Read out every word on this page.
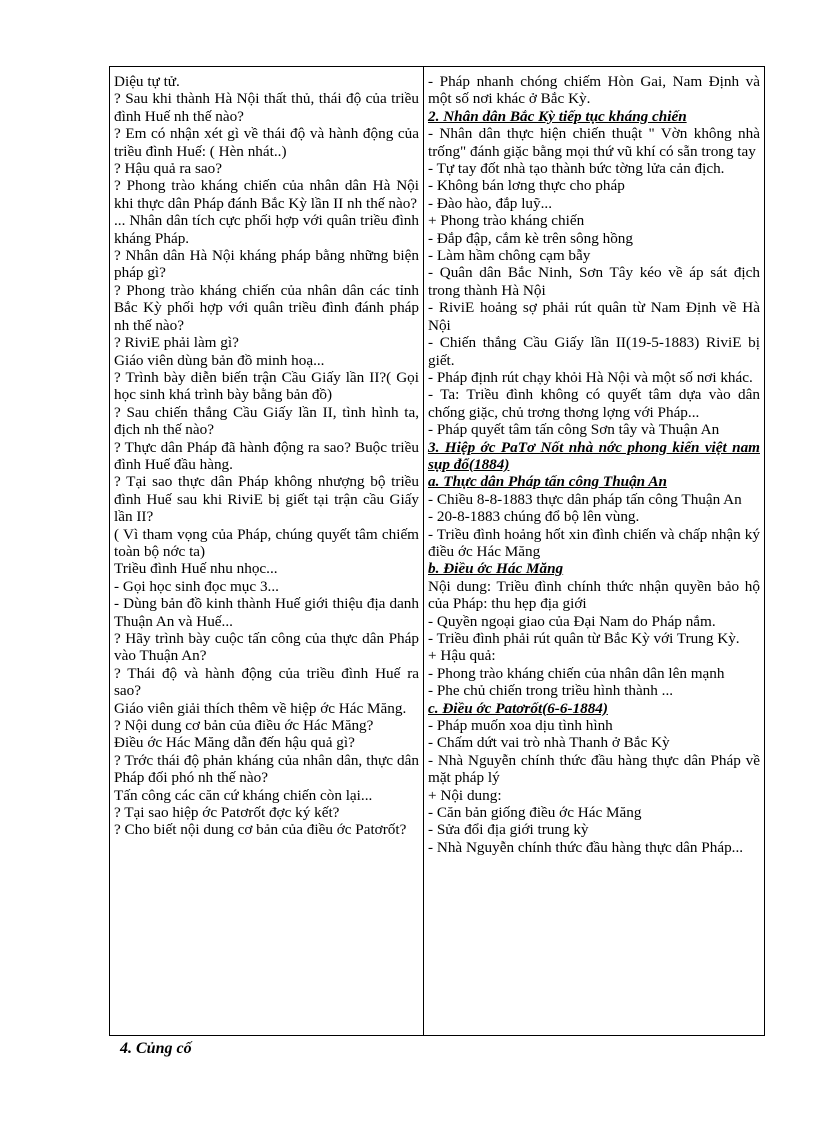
Diệu tự tử.

? Sau khi thành Hà Nội thất thủ, thái độ của triều đình Huế nh thế nào?

? Em có nhận xét gì về thái độ và hành động của triều đình Huế: ( Hèn nhát..)

? Hậu quả ra sao?

? Phong trào kháng chiến của nhân dân Hà Nội khi thực dân Pháp đánh Bắc Kỳ lần II nh thế nào?

... Nhân dân tích cực phối hợp với quân triều đình kháng Pháp.

? Nhân dân Hà Nội kháng pháp bằng những biện pháp gì?

? Phong trào kháng chiến của nhân dân các tỉnh Bắc Kỳ phối hợp với quân triều đình đánh pháp nh thế nào?

? RiviE phải làm gì?

Giáo viên dùng bản đồ minh hoạ...

? Trình bày diễn biến trận Cầu Giấy lần II?( Gọi học sinh khá trình bày bằng bản đồ)

? Sau chiến thắng Cầu Giấy lần II, tình hình ta, địch nh thế nào?

? Thực dân Pháp đã hành động ra sao? Buộc triều đình Huế đầu hàng.

? Tại sao thực dân Pháp không nhượng bộ triều đình Huế sau khi RiviE bị giết tại trận cầu Giấy lần II?

( Vì tham vọng của Pháp, chúng quyết tâm chiếm toàn bộ nớc ta)

Triều đình Huế nhu nhọc...

- Gọi học sinh đọc mục 3...

- Dùng bản đồ kinh thành Huế giới thiệu địa danh Thuận An và Huế...

? Hãy trình bày cuộc tấn công của thực dân Pháp vào Thuận An?

? Thái độ và hành động của triều đình Huế ra sao?

Giáo viên giải thích thêm về hiệp ớc Hác Măng.

? Nội dung cơ bản của điều ớc Hác Măng?

Điều ớc Hác Măng dẫn đến hậu quả gì?

? Trớc thái độ phản kháng của nhân dân, thực dân Pháp đối phó nh thế nào?

Tấn công các căn cứ kháng chiến còn lại...

? Tại sao hiệp ớc Patơrốt đợc ký kết?

? Cho biết nội dung cơ bản của điều ớc Patơrốt?

- Pháp nhanh chóng chiếm Hòn Gai, Nam Định và một số nơi khác ở Bắc Kỳ.

2. Nhân dân Bắc Kỳ tiếp tục kháng chiến

- Nhân dân thực hiện chiến thuật " Vờn không nhà trống" đánh giặc bằng mọi thứ vũ khí có sẵn trong tay

- Tự tay đốt nhà tạo thành bức tờng lửa cản địch.

- Không bán lơng thực cho pháp

- Đào hào, đắp luỹ...

+ Phong trào kháng chiến

- Đắp đập, cắm kè trên sông hồng

- Làm hầm chông cạm bẫy

- Quân dân Bắc Ninh, Sơn Tây kéo về áp sát địch trong thành Hà Nội

- RiviE hoảng sợ phải rút quân từ Nam Định về Hà Nội

- Chiến thắng Cầu Giấy lần II(19-5-1883) RiviE bị giết.

- Pháp định rút chạy khỏi Hà Nội và một số nơi khác.

- Ta: Triều đình không có quyết tâm dựa vào dân chống giặc, chủ trơng thơng lợng với Pháp...

- Pháp quyết tâm tấn công Sơn tây và Thuận An

3. Hiệp ớc PaTơ Nốt nhà nớc phong kiến việt nam sụp đổ(1884)

a. Thực dân Pháp tấn công Thuận An

- Chiều 8-8-1883 thực dân pháp tấn công Thuận An

- 20-8-1883 chúng đổ bộ lên vùng.

- Triều đình hoảng hốt xin đình chiến và chấp nhận ký điều ớc Hác Măng

b. Điều ớc Hác Măng

Nội dung: Triều đình chính thức nhận quyền bảo hộ của Pháp: thu hẹp địa giới

- Quyền ngoại giao của Đại Nam do Pháp nắm.

- Triều đình phải rút quân từ Bắc Kỳ với Trung Kỳ.

+ Hậu quả:

- Phong trào kháng chiến của nhân dân lên mạnh

- Phe chủ chiến trong triều hình thành ...

c. Điều ớc Patơrốt(6-6-1884)

- Pháp muốn xoa dịu tình hình

- Chấm dứt vai trò nhà Thanh ở Bắc Kỳ

- Nhà Nguyễn chính thức đầu hàng thực dân Pháp về mặt pháp lý

+ Nội dung:

- Căn bản giống điều ớc Hác Măng

- Sửa đổi địa giới trung kỳ

- Nhà Nguyễn chính thức đầu hàng thực dân Pháp...

4. Củng cố
